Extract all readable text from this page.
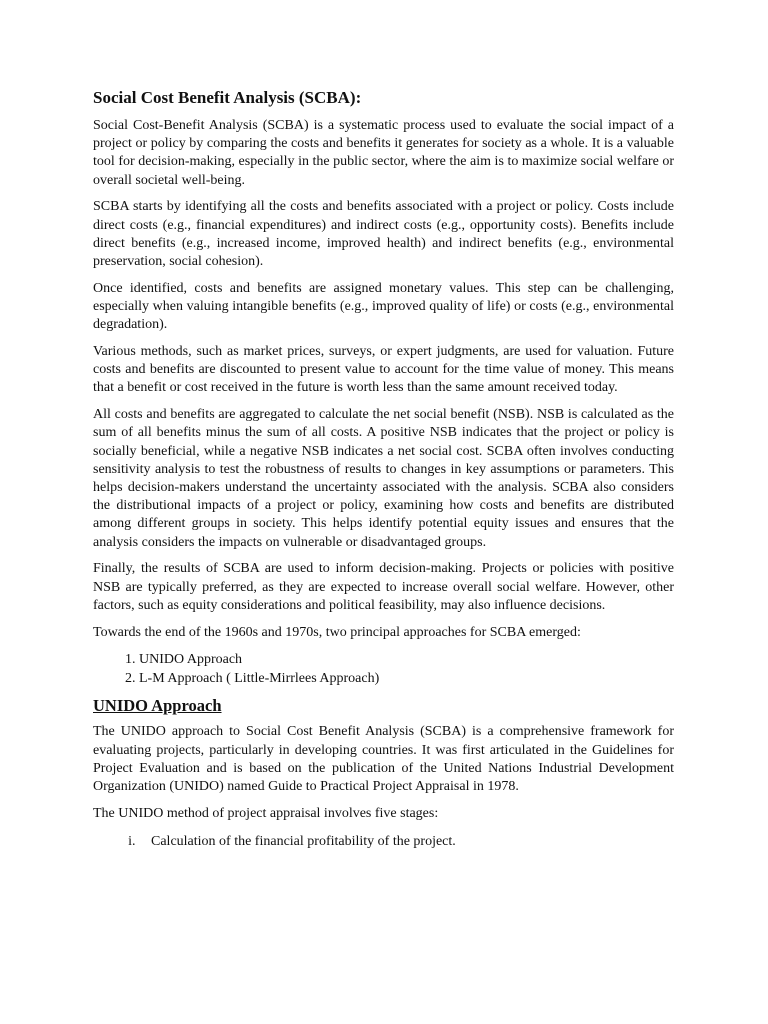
Social Cost Benefit Analysis (SCBA):

Social Cost-Benefit Analysis (SCBA) is a systematic process used to evaluate the social impact of a project or policy by comparing the costs and benefits it generates for society as a whole. It is a valuable tool for decision-making, especially in the public sector, where the aim is to maximize social welfare or overall societal well-being.

SCBA starts by identifying all the costs and benefits associated with a project or policy. Costs include direct costs (e.g., financial expenditures) and indirect costs (e.g., opportunity costs). Benefits include direct benefits (e.g., increased income, improved health) and indirect benefits (e.g., environmental preservation, social cohesion).

Once identified, costs and benefits are assigned monetary values. This step can be challenging, especially when valuing intangible benefits (e.g., improved quality of life) or costs (e.g., environmental degradation).

Various methods, such as market prices, surveys, or expert judgments, are used for valuation. Future costs and benefits are discounted to present value to account for the time value of money. This means that a benefit or cost received in the future is worth less than the same amount received today.

All costs and benefits are aggregated to calculate the net social benefit (NSB). NSB is calculated as the sum of all benefits minus the sum of all costs. A positive NSB indicates that the project or policy is socially beneficial, while a negative NSB indicates a net social cost. SCBA often involves conducting sensitivity analysis to test the robustness of results to changes in key assumptions or parameters. This helps decision-makers understand the uncertainty associated with the analysis. SCBA also considers the distributional impacts of a project or policy, examining how costs and benefits are distributed among different groups in society. This helps identify potential equity issues and ensures that the analysis considers the impacts on vulnerable or disadvantaged groups.

Finally, the results of SCBA are used to inform decision-making. Projects or policies with positive NSB are typically preferred, as they are expected to increase overall social welfare. However, other factors, such as equity considerations and political feasibility, may also influence decisions.

Towards the end of the 1960s and 1970s, two principal approaches for SCBA emerged:

1. UNIDO Approach
2. L-M Approach ( Little-Mirrlees Approach)
UNIDO Approach

The UNIDO approach to Social Cost Benefit Analysis (SCBA) is a comprehensive framework for evaluating projects, particularly in developing countries. It was first articulated in the Guidelines for Project Evaluation and is based on the publication of the United Nations Industrial Development Organization (UNIDO) named Guide to Practical Project Appraisal in 1978.

The UNIDO method of project appraisal involves five stages:

i. Calculation of the financial profitability of the project.
